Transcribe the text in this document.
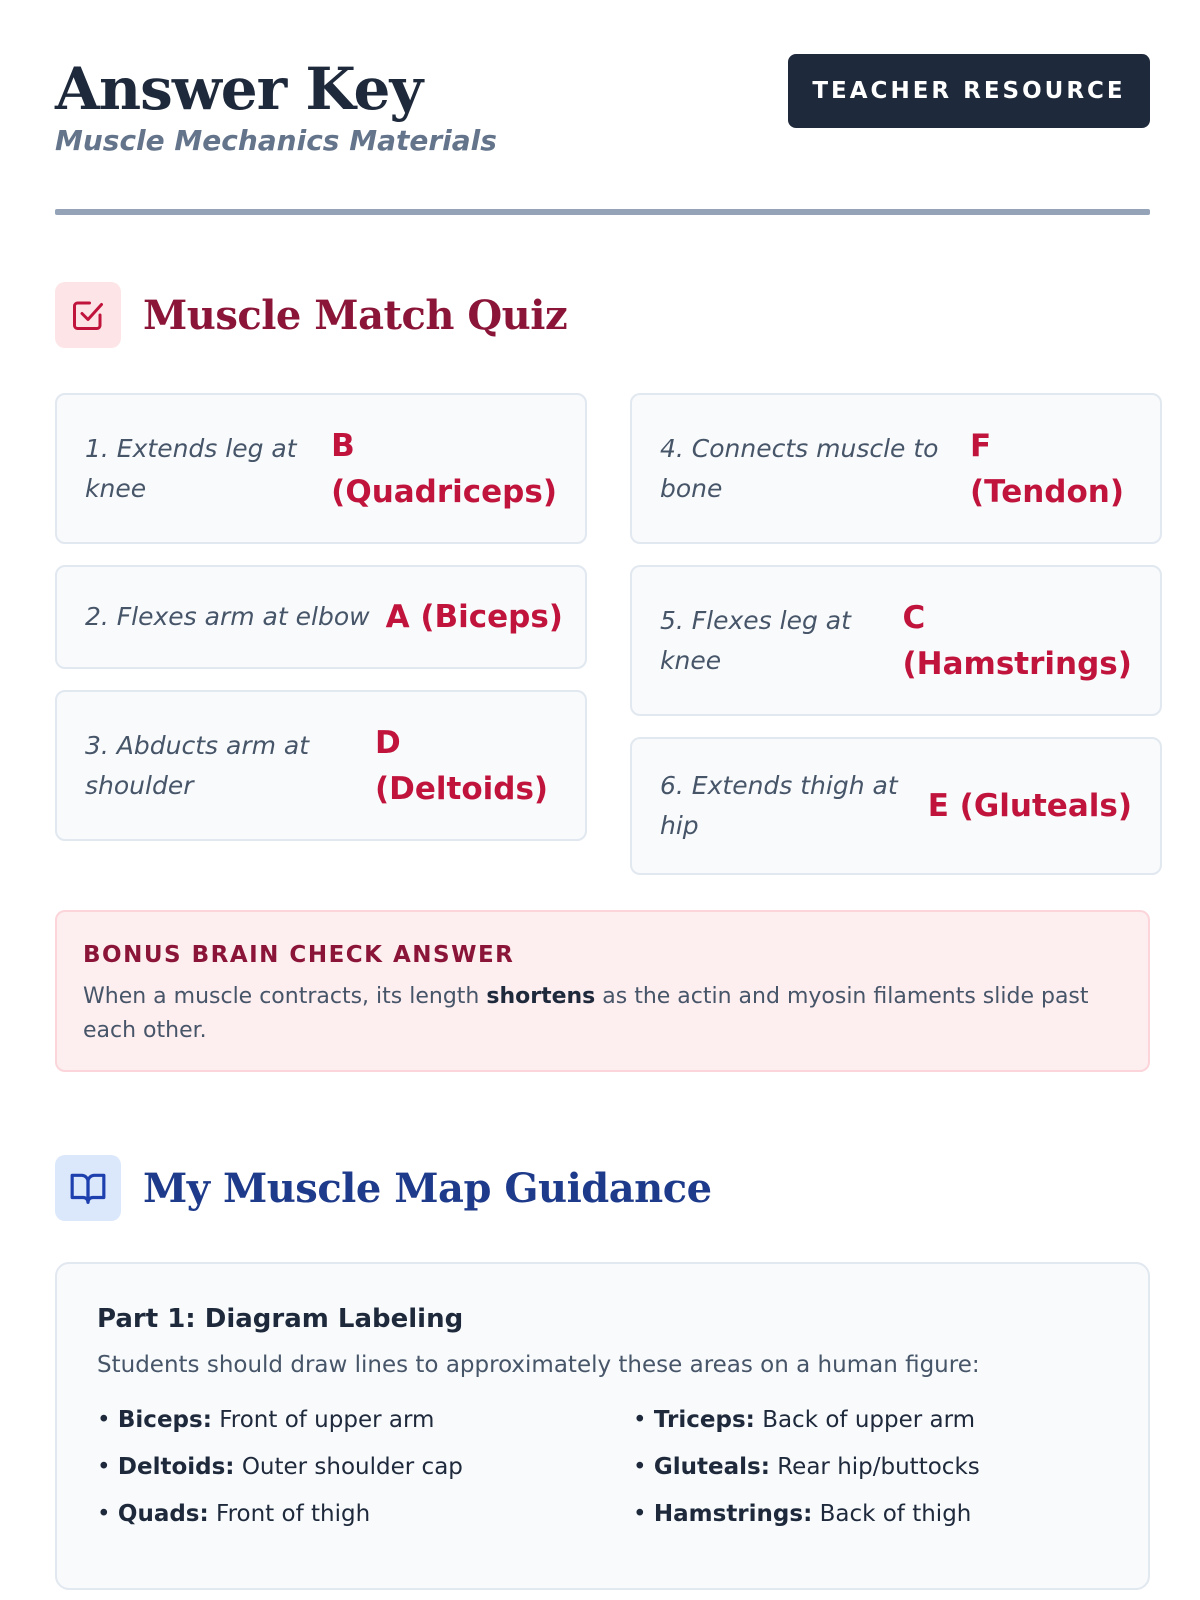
Answer Key
Muscle Mechanics Materials
TEACHER RESOURCE
Muscle Match Quiz
1. Extends leg at knee
B (Quadriceps)
2. Flexes arm at elbow A (Biceps)
3. Abducts arm at shoulder
D (Deltoids)
4. Connects muscle to bone
F (Tendon)
5. Flexes leg at knee
C (Hamstrings)
6. Extends thigh at hip
E (Gluteals)
BONUS BRAIN CHECK ANSWER

When a muscle contracts, its length shortens as the actin and myosin filaments slide past each other.

My Muscle Map Guidance
Part 1: Diagram Labeling
Students should draw lines to approximately these areas on a human figure:
• Biceps: Front of upper arm	• Triceps: Back of upper arm
• Deltoids: Outer shoulder cap	• Gluteals: Rear hip/buttocks
• Quads: Front of thigh	• Hamstrings: Back of thigh
